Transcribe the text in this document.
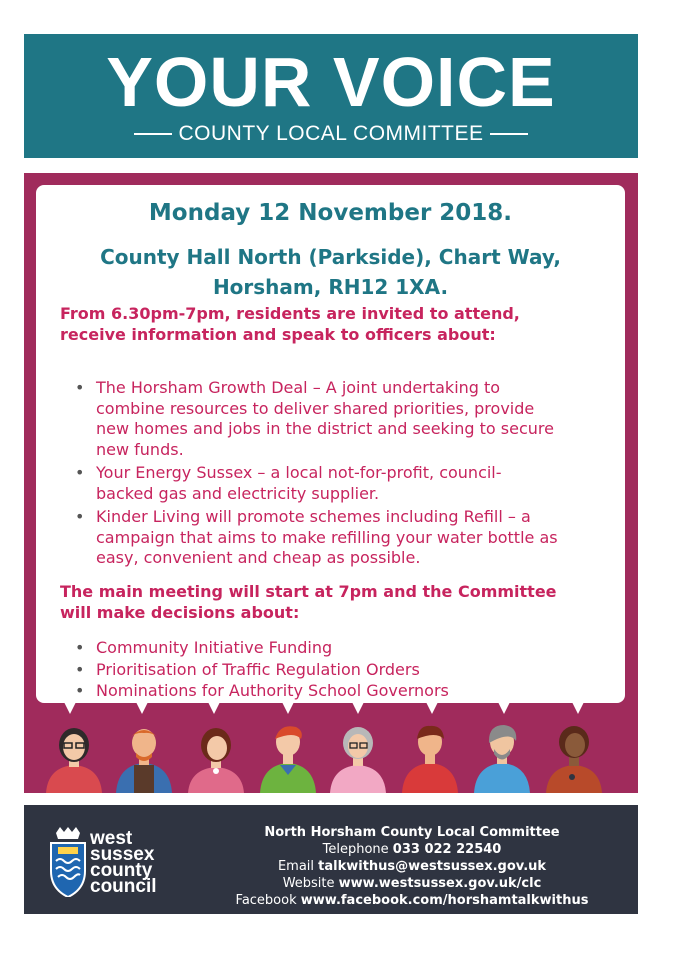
YOUR VOICE
COUNTY LOCAL COMMITTEE
Monday 12 November 2018.
County Hall North (Parkside), Chart Way,
Horsham, RH12 1XA.
From 6.30pm-7pm, residents are invited to attend,
receive information and speak to officers about:
• The Horsham Growth Deal – A joint undertaking to
combine resources to deliver shared priorities, provide
new homes and jobs in the district and seeking to secure
new funds.
• Your Energy Sussex – a local not-for-profit, council-
backed gas and electricity supplier.
• Kinder Living will promote schemes including Refill – a
campaign that aims to make refilling your water bottle as
easy, convenient and cheap as possible.
The main meeting will start at 7pm and the Committee
will make decisions about:
• Community Initiative Funding
• Prioritisation of Traffic Regulation Orders
• Nominations for Authority School Governors
west
sussex
county
council
North Horsham County Local Committee
Telephone 033 022 22540
Email talkwithus@westsussex.gov.uk
Website www.westsussex.gov.uk/clc
Facebook www.facebook.com/horshamtalkwithus
